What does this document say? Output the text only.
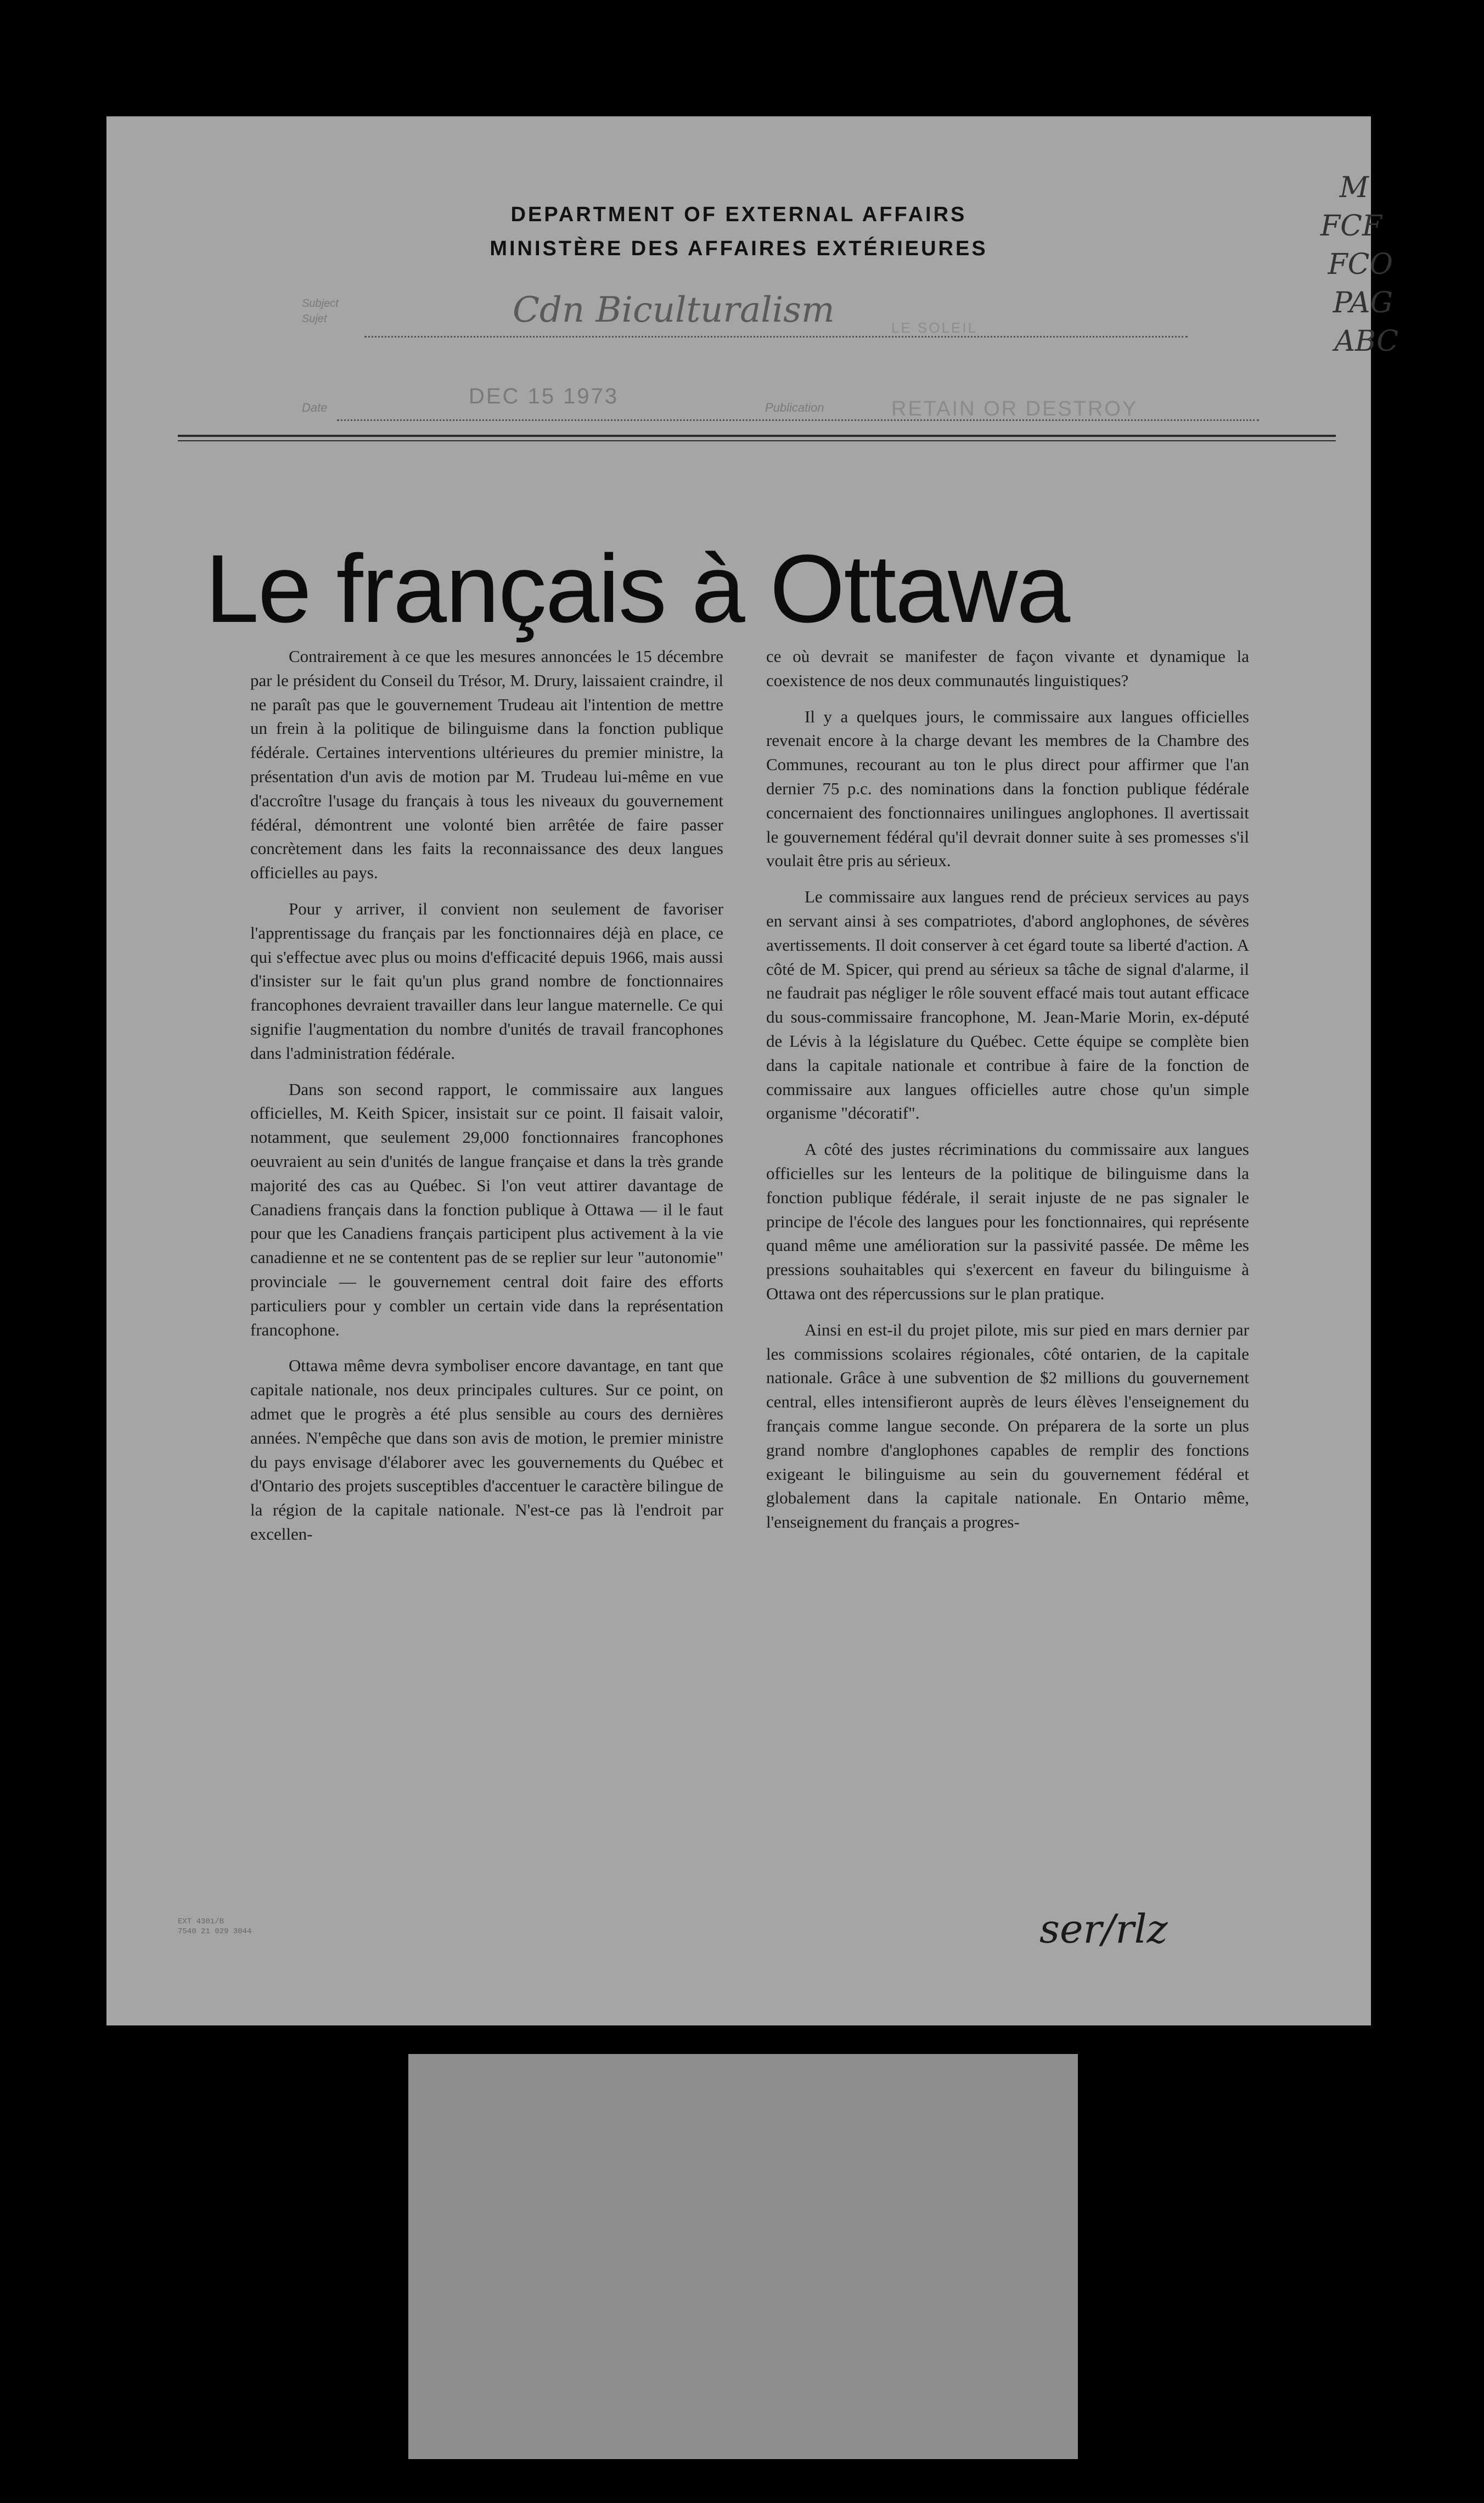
DEPARTMENT OF EXTERNAL AFFAIRS
MINISTÈRE DES AFFAIRES EXTÉRIEURES
Subject
Sujet	Cdn Biculturalism	LE SOLEIL
Date	DEC 15 1973	Publication	RETAIN OR DESTROY
M
FCF
FCO
PAG
ABC
Le français à Ottawa

Contrairement à ce que les mesures annoncées le 15 décembre par le président du Conseil du Trésor, M. Drury, laissaient craindre, il ne paraît pas que le gouvernement Trudeau ait l'intention de mettre un frein à la politique de bilinguisme dans la fonction publique fédérale. Certaines interventions ultérieures du premier ministre, la présentation d'un avis de motion par M. Trudeau lui-même en vue d'accroître l'usage du français à tous les niveaux du gouvernement fédéral, démontrent une volonté bien arrêtée de faire passer concrètement dans les faits la reconnaissance des deux langues officielles au pays.

Pour y arriver, il convient non seulement de favoriser l'apprentissage du français par les fonctionnaires déjà en place, ce qui s'effectue avec plus ou moins d'efficacité depuis 1966, mais aussi d'insister sur le fait qu'un plus grand nombre de fonctionnaires francophones devraient travailler dans leur langue maternelle. Ce qui signifie l'augmentation du nombre d'unités de travail francophones dans l'administration fédérale.

Dans son second rapport, le commissaire aux langues officielles, M. Keith Spicer, insistait sur ce point. Il faisait valoir, notamment, que seulement 29,000 fonctionnaires francophones oeuvraient au sein d'unités de langue française et dans la très grande majorité des cas au Québec. Si l'on veut attirer davantage de Canadiens français dans la fonction publique à Ottawa — il le faut pour que les Canadiens français participent plus activement à la vie canadienne et ne se contentent pas de se replier sur leur "autonomie" provinciale — le gouvernement central doit faire des efforts particuliers pour y combler un certain vide dans la représentation francophone.

Ottawa même devra symboliser encore davantage, en tant que capitale nationale, nos deux principales cultures. Sur ce point, on admet que le progrès a été plus sensible au cours des dernières années. N'empêche que dans son avis de motion, le premier ministre du pays envisage d'élaborer avec les gouvernements du Québec et d'Ontario des projets susceptibles d'accentuer le caractère bilingue de la région de la capitale nationale. N'est-ce pas là l'endroit par excellen-

ce où devrait se manifester de façon vivante et dynamique la coexistence de nos deux communautés linguistiques?

Il y a quelques jours, le commissaire aux langues officielles revenait encore à la charge devant les membres de la Chambre des Communes, recourant au ton le plus direct pour affirmer que l'an dernier 75 p.c. des nominations dans la fonction publique fédérale concernaient des fonctionnaires unilingues anglophones. Il avertissait le gouvernement fédéral qu'il devrait donner suite à ses promesses s'il voulait être pris au sérieux.

Le commissaire aux langues rend de précieux services au pays en servant ainsi à ses compatriotes, d'abord anglophones, de sévères avertissements. Il doit conserver à cet égard toute sa liberté d'action. A côté de M. Spicer, qui prend au sérieux sa tâche de signal d'alarme, il ne faudrait pas négliger le rôle souvent effacé mais tout autant efficace du sous-commissaire francophone, M. Jean-Marie Morin, ex-député de Lévis à la législature du Québec. Cette équipe se complète bien dans la capitale nationale et contribue à faire de la fonction de commissaire aux langues officielles autre chose qu'un simple organisme "décoratif".

A côté des justes récriminations du commissaire aux langues officielles sur les lenteurs de la politique de bilinguisme dans la fonction publique fédérale, il serait injuste de ne pas signaler le principe de l'école des langues pour les fonctionnaires, qui représente quand même une amélioration sur la passivité passée. De même les pressions souhaitables qui s'exercent en faveur du bilinguisme à Ottawa ont des répercussions sur le plan pratique.

Ainsi en est-il du projet pilote, mis sur pied en mars dernier par les commissions scolaires régionales, côté ontarien, de la capitale nationale. Grâce à une subvention de $2 millions du gouvernement central, elles intensifieront auprès de leurs élèves l'enseignement du français comme langue seconde. On préparera de la sorte un plus grand nombre d'anglophones capables de remplir des fonctions exigeant le bilinguisme au sein du gouvernement fédéral et globalement dans la capitale nationale. En Ontario même, l'enseignement du français a progres-

EXT 4301/B
7540 21 029 3044	ser/rlz
